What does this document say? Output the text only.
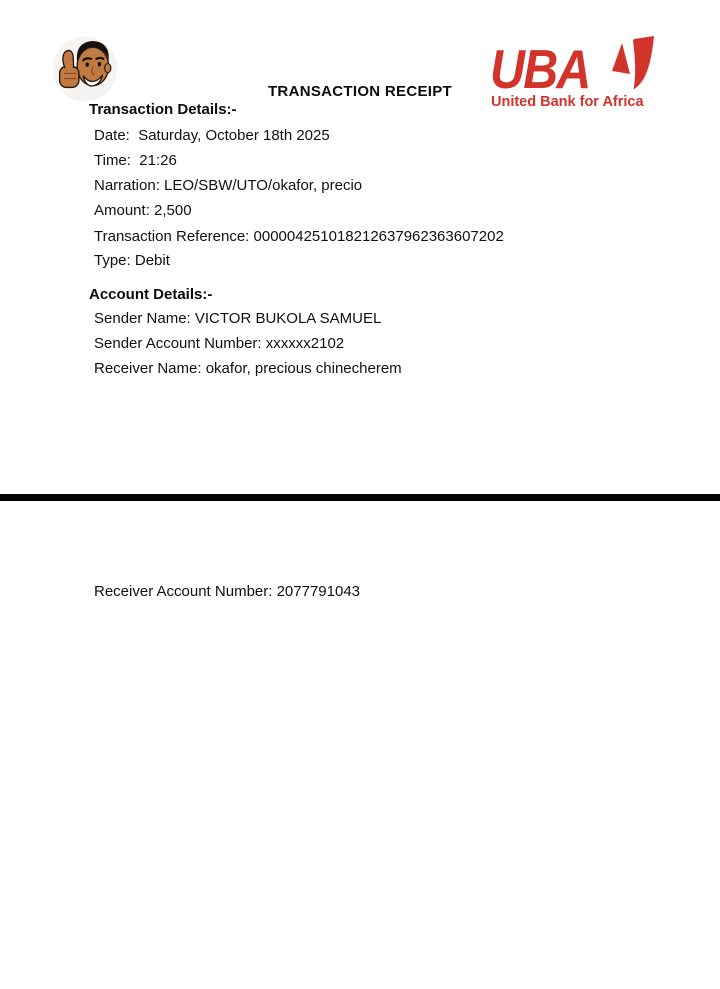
TRANSACTION RECEIPT UBA
United Bank for Africa
Transaction Details:-
Date:  Saturday, October 18th 2025
Time:  21:26
Narration: LEO/SBW/UTO/okafor, precio
Amount: 2,500
Transaction Reference: 000004251018212637962363607202
Type: Debit
Account Details:-
Sender Name: VICTOR BUKOLA SAMUEL
Sender Account Number: xxxxxx2102
Receiver Name: okafor, precious chinecherem
Receiver Account Number: 2077791043
